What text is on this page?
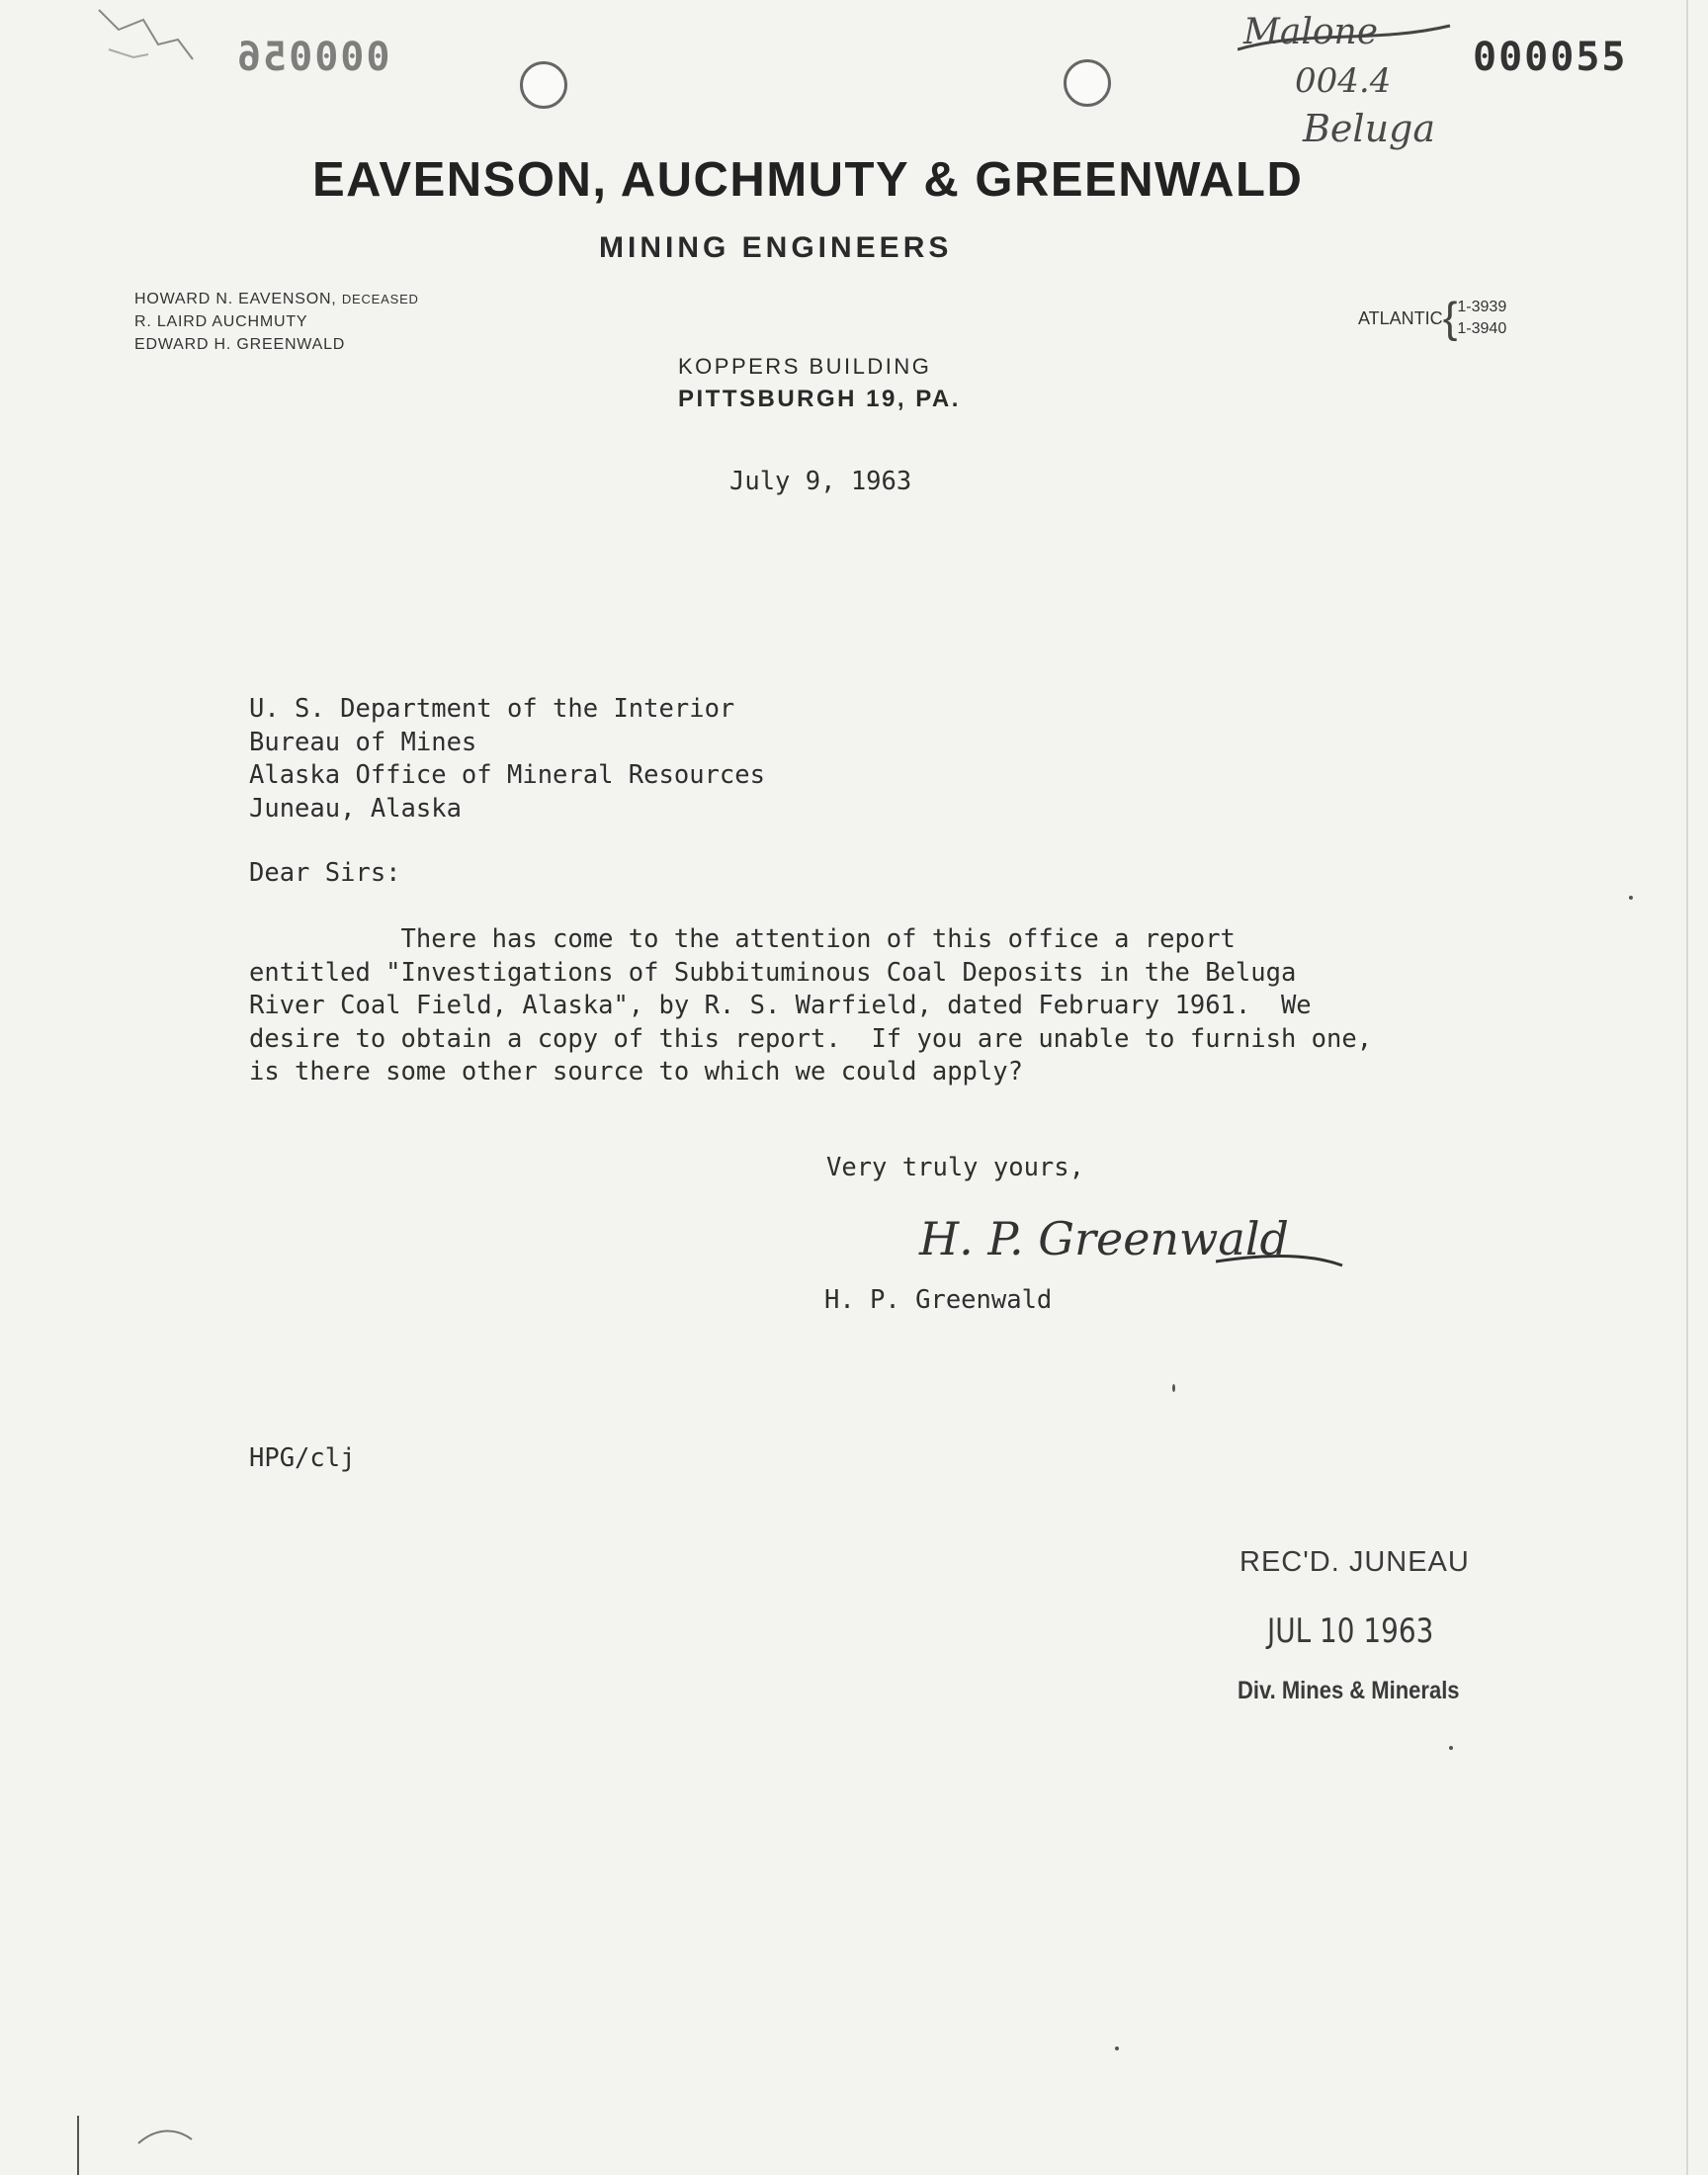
000056	000055
Malone
004.4
Beluga
EAVENSON, AUCHMUTY & GREENWALD
MINING ENGINEERS
HOWARD N. EAVENSON, DECEASED
R. LAIRD AUCHMUTY
EDWARD H. GREENWALD
ATLANTIC { 1-3939
1-3940
KOPPERS BUILDING
PITTSBURGH 19, PA.
July 9, 1963
U. S. Department of the Interior
Bureau of Mines
Alaska Office of Mineral Resources
Juneau, Alaska
Dear Sirs:
There has come to the attention of this office a report
entitled "Investigations of Subbituminous Coal Deposits in the Beluga
River Coal Field, Alaska", by R. S. Warfield, dated February 1961.  We
desire to obtain a copy of this report.  If you are unable to furnish one,
is there some other source to which we could apply?
Very truly yours,
H. P. Greenwald
H. P. Greenwald
HPG/clj
REC'D. JUNEAU
JUL 10 1963
Div. Mines & Minerals
